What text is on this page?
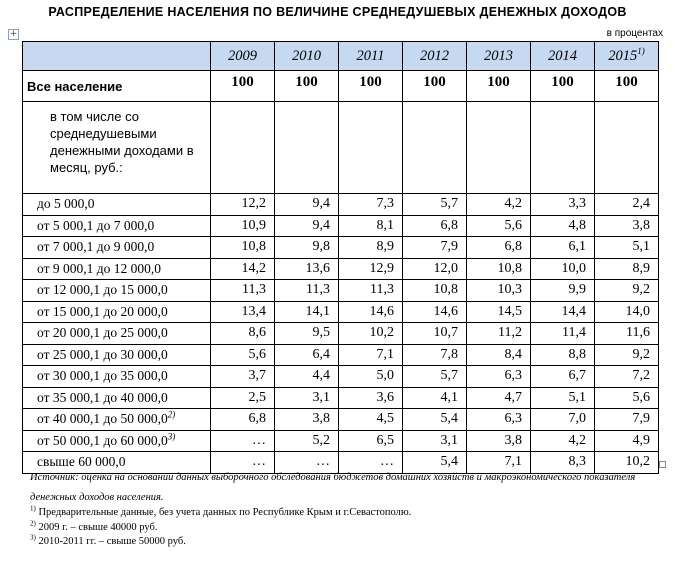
РАСПРЕДЕЛЕНИЕ НАСЕЛЕНИЯ ПО ВЕЛИЧИНЕ СРЕДНЕДУШЕВЫХ ДЕНЕЖНЫХ ДОХОДОВ
в процентах
+
	2009	2010	2011	2012	2013	2014	2015$^{1)}$
Все население	100	100	100	100	100	100	100
в том числе со среднедушевыми денежными доходами в месяц, руб.:							
до 5 000,0	12,2	9,4	7,3	5,7	4,2	3,3	2,4
от 5 000,1 до 7 000,0	10,9	9,4	8,1	6,8	5,6	4,8	3,8
от 7 000,1 до 9 000,0	10,8	9,8	8,9	7,9	6,8	6,1	5,1
от 9 000,1 до 12 000,0	14,2	13,6	12,9	12,0	10,8	10,0	8,9
от 12 000,1 до 15 000,0	11,3	11,3	11,3	10,8	10,3	9,9	9,2
от 15 000,1 до 20 000,0	13,4	14,1	14,6	14,6	14,5	14,4	14,0
от 20 000,1 до 25 000,0	8,6	9,5	10,2	10,7	11,2	11,4	11,6
от 25 000,1 до 30 000,0	5,6	6,4	7,1	7,8	8,4	8,8	9,2
от 30 000,1 до 35 000,0	3,7	4,4	5,0	5,7	6,3	6,7	7,2
от 35 000,1 до 40 000,0	2,5	3,1	3,6	4,1	4,7	5,1	5,6
от 40 000,1 до 50 000,0$^{2)}$	6,8	3,8	4,5	5,4	6,3	7,0	7,9
от 50 000,1 до 60 000,0$^{3)}$	…	5,2	6,5	3,1	3,8	4,2	4,9
свыше 60 000,0	…	…	…	5,4	7,1	8,3	10,2
Источник: оценка на основании данных выборочного обследования бюджетов домашних хозяйств и макроэкономического показателя денежных доходов населения.
$^{1)}$ Предварительные данные, без учета данных по Республике Крым и г.Севастополю.
$^{2)}$ 2009 г. – свыше 40000 руб.
$^{3)}$ 2010-2011 гг. – свыше 50000 руб.
